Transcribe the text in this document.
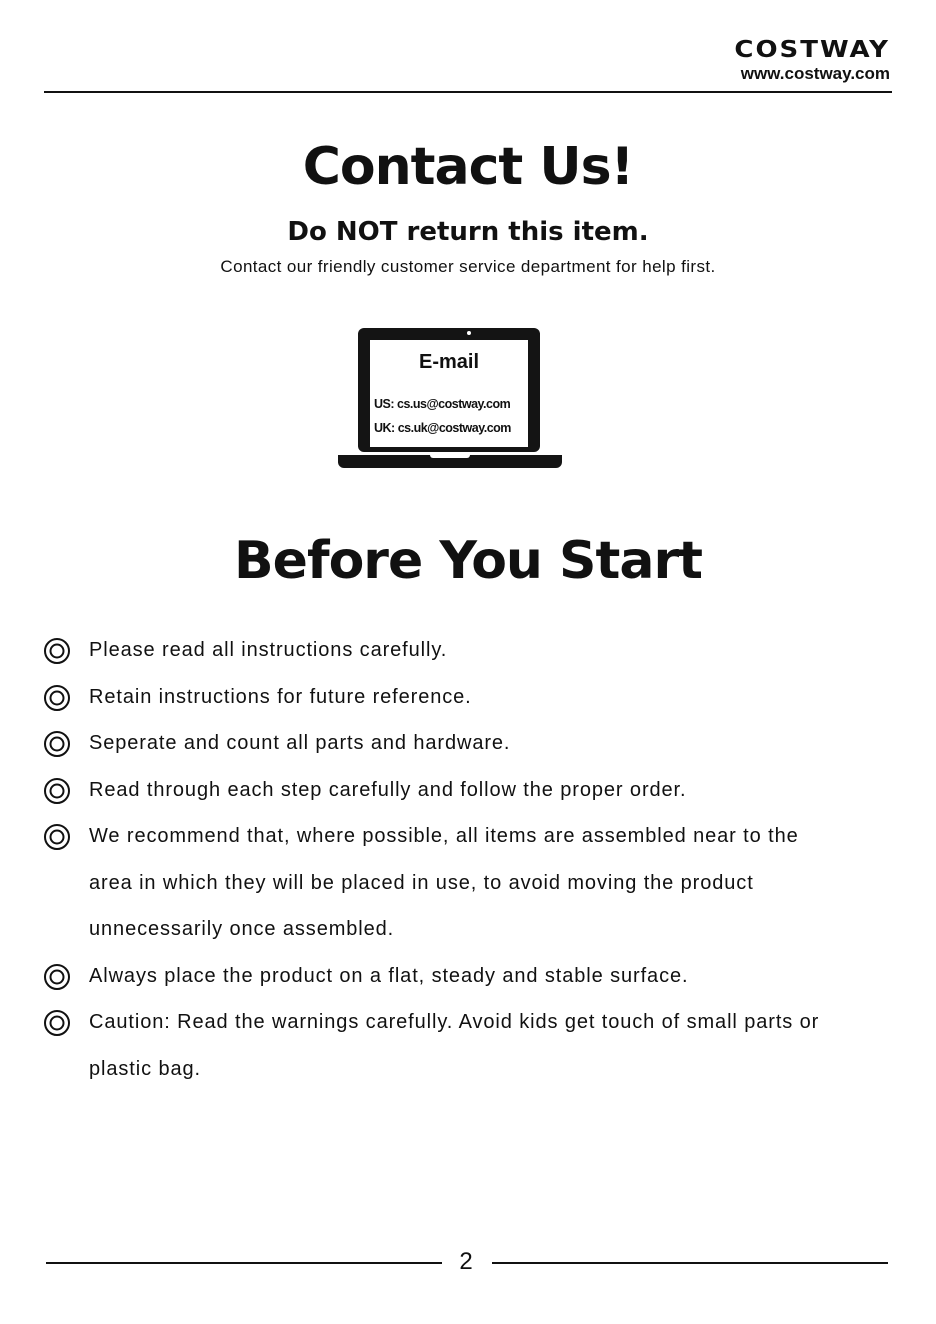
COSTWAY
www.costway.com
Contact Us!
Do NOT return this item.
Contact our friendly customer service department for help first.
E-mail
US: cs.us@costway.com
UK: cs.uk@costway.com
Before You Start
Please read all instructions carefully.
Retain instructions for future reference.
Seperate and count all parts and hardware.
Read through each step carefully and follow the proper order.
We recommend that, where possible, all items are assembled near to the
area in which they will be placed in use, to avoid moving the product
unnecessarily once assembled.
Always place the product on a flat, steady and stable surface.
Caution: Read the warnings carefully. Avoid kids get touch of small parts or
plastic bag.
2
